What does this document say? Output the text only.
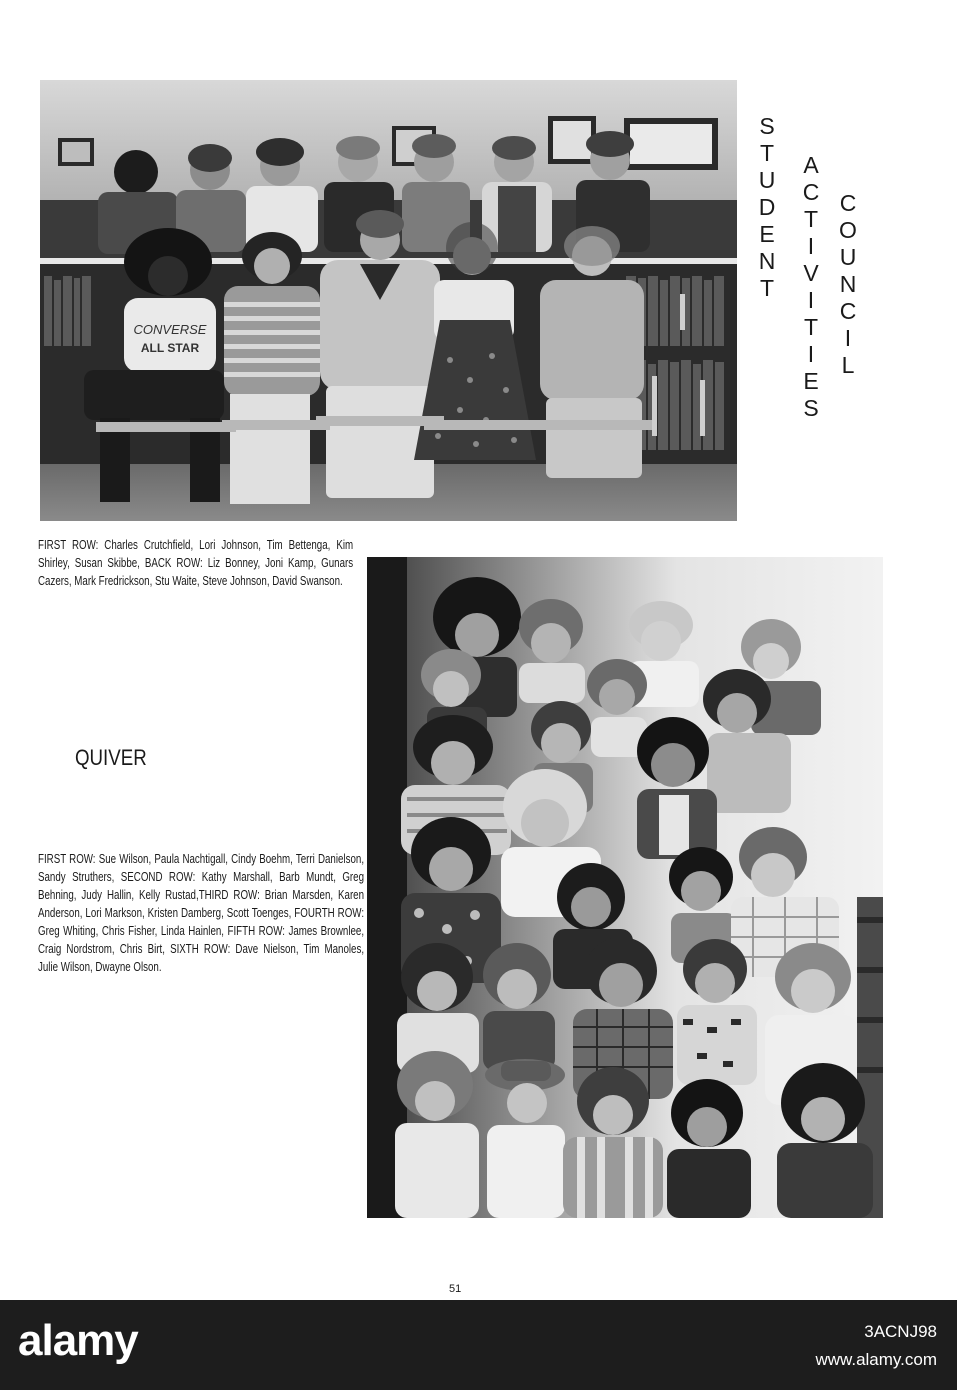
CONVERSE
ALL STAR
S
T
U
D
E
N
T
A
C
T
I
V
I
T
I
E
S
C
O
U
N
C
I
L
FIRST ROW: Charles Crutchfield, Lori Johnson, Tim Bettenga, Kim Shirley, Susan Skibbe, BACK ROW: Liz Bonney, Joni Kamp, Gunars Cazers, Mark Fredrickson, Stu Waite, Steve Johnson, David Swanson.
QUIVER
FIRST ROW: Sue Wilson, Paula Nachtigall, Cindy Boehm, Terri Danielson, Sandy Struthers, SECOND ROW: Kathy Marshall, Barb Mundt, Greg Behning, Judy Hallin, Kelly Rustad,THIRD ROW: Brian Marsden, Karen Anderson, Lori Markson, Kristen Damberg, Scott Toenges, FOURTH ROW: Greg Whiting, Chris Fisher, Linda Hainlen, FIFTH ROW: James Brownlee, Craig Nordstrom, Chris Birt, SIXTH ROW: Dave Nielson, Tim Manoles, Julie Wilson, Dwayne Olson.
51
alamy	3ACNJ98
www.alamy.com
